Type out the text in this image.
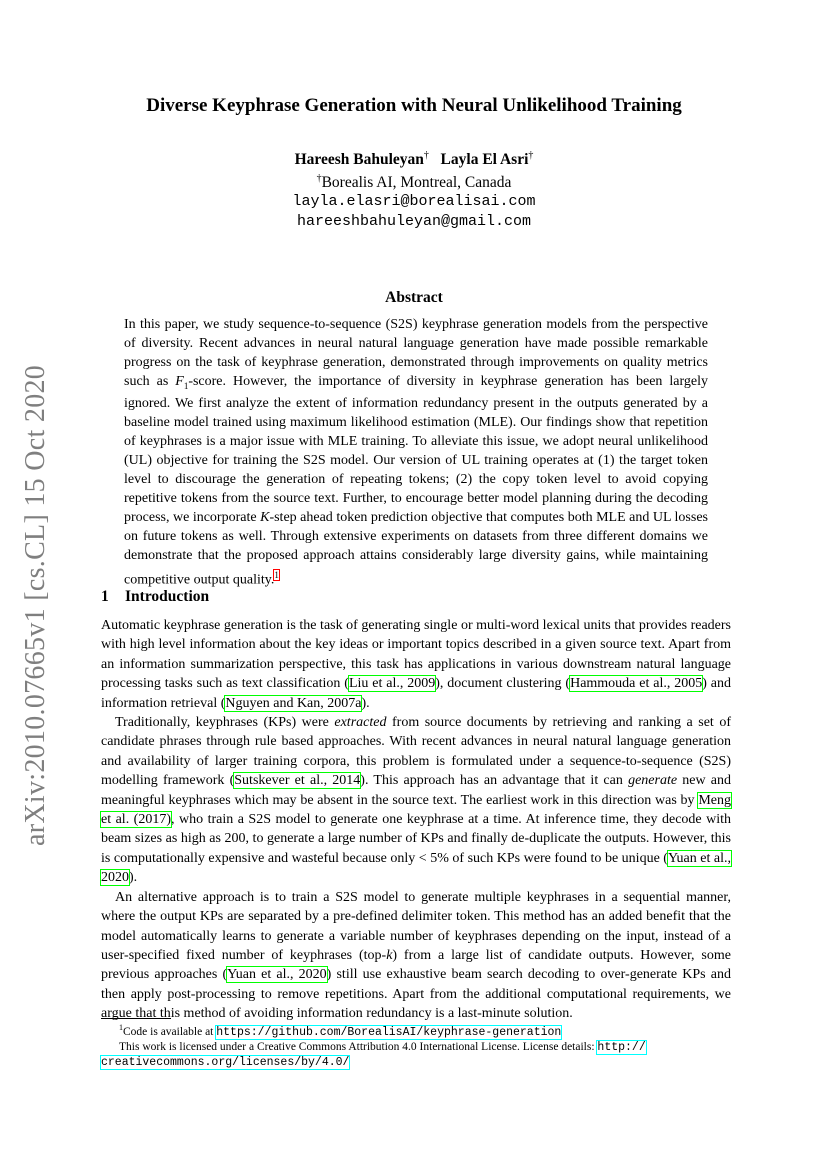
arXiv:2010.07665v1 [cs.CL] 15 Oct 2020
Diverse Keyphrase Generation with Neural Unlikelihood Training
Hareesh Bahuleyan† Layla El Asri†
†Borealis AI, Montreal, Canada
layla.elasri@borealisai.com
hareeshbahuleyan@gmail.com
Abstract
In this paper, we study sequence-to-sequence (S2S) keyphrase generation models from the perspective of diversity. Recent advances in neural natural language generation have made possible remarkable progress on the task of keyphrase generation, demonstrated through improvements on quality metrics such as $F_1$-score. However, the importance of diversity in keyphrase generation has been largely ignored. We first analyze the extent of information redundancy present in the outputs generated by a baseline model trained using maximum likelihood estimation (MLE). Our findings show that repetition of keyphrases is a major issue with MLE training. To alleviate this issue, we adopt neural unlikelihood (UL) objective for training the S2S model. Our version of UL training operates at (1) the target token level to discourage the generation of repeating tokens; (2) the copy token level to avoid copying repetitive tokens from the source text. Further, to encourage better model planning during the decoding process, we incorporate K-step ahead token prediction objective that computes both MLE and UL losses on future tokens as well. Through extensive experiments on datasets from three different domains we demonstrate that the proposed approach attains considerably large diversity gains, while maintaining competitive output quality.$^1$
1 Introduction

Automatic keyphrase generation is the task of generating single or multi-word lexical units that provides readers with high level information about the key ideas or important topics described in a given source text. Apart from an information summarization perspective, this task has applications in various downstream natural language processing tasks such as text classification (Liu et al., 2009), document clustering (Hammouda et al., 2005) and information retrieval (Nguyen and Kan, 2007a).

Traditionally, keyphrases (KPs) were extracted from source documents by retrieving and ranking a set of candidate phrases through rule based approaches. With recent advances in neural natural language generation and availability of larger training corpora, this problem is formulated under a sequence-to-sequence (S2S) modelling framework (Sutskever et al., 2014). This approach has an advantage that it can generate new and meaningful keyphrases which may be absent in the source text. The earliest work in this direction was by Meng et al. (2017), who train a S2S model to generate one keyphrase at a time. At inference time, they decode with beam sizes as high as 200, to generate a large number of KPs and finally de-duplicate the outputs. However, this is computationally expensive and wasteful because only < 5% of such KPs were found to be unique (Yuan et al., 2020).

An alternative approach is to train a S2S model to generate multiple keyphrases in a sequential manner, where the output KPs are separated by a pre-defined delimiter token. This method has an added benefit that the model automatically learns to generate a variable number of keyphrases depending on the input, instead of a user-specified fixed number of keyphrases (top-k) from a large list of candidate outputs. However, some previous approaches (Yuan et al., 2020) still use exhaustive beam search decoding to over-generate KPs and then apply post-processing to remove repetitions. Apart from the additional computational requirements, we argue that this method of avoiding information redundancy is a last-minute solution.

$^1$Code is available at https://github.com/BorealisAI/keyphrase-generation
This work is licensed under a Creative Commons Attribution 4.0 International License. License details: http://
creativecommons.org/licenses/by/4.0/
